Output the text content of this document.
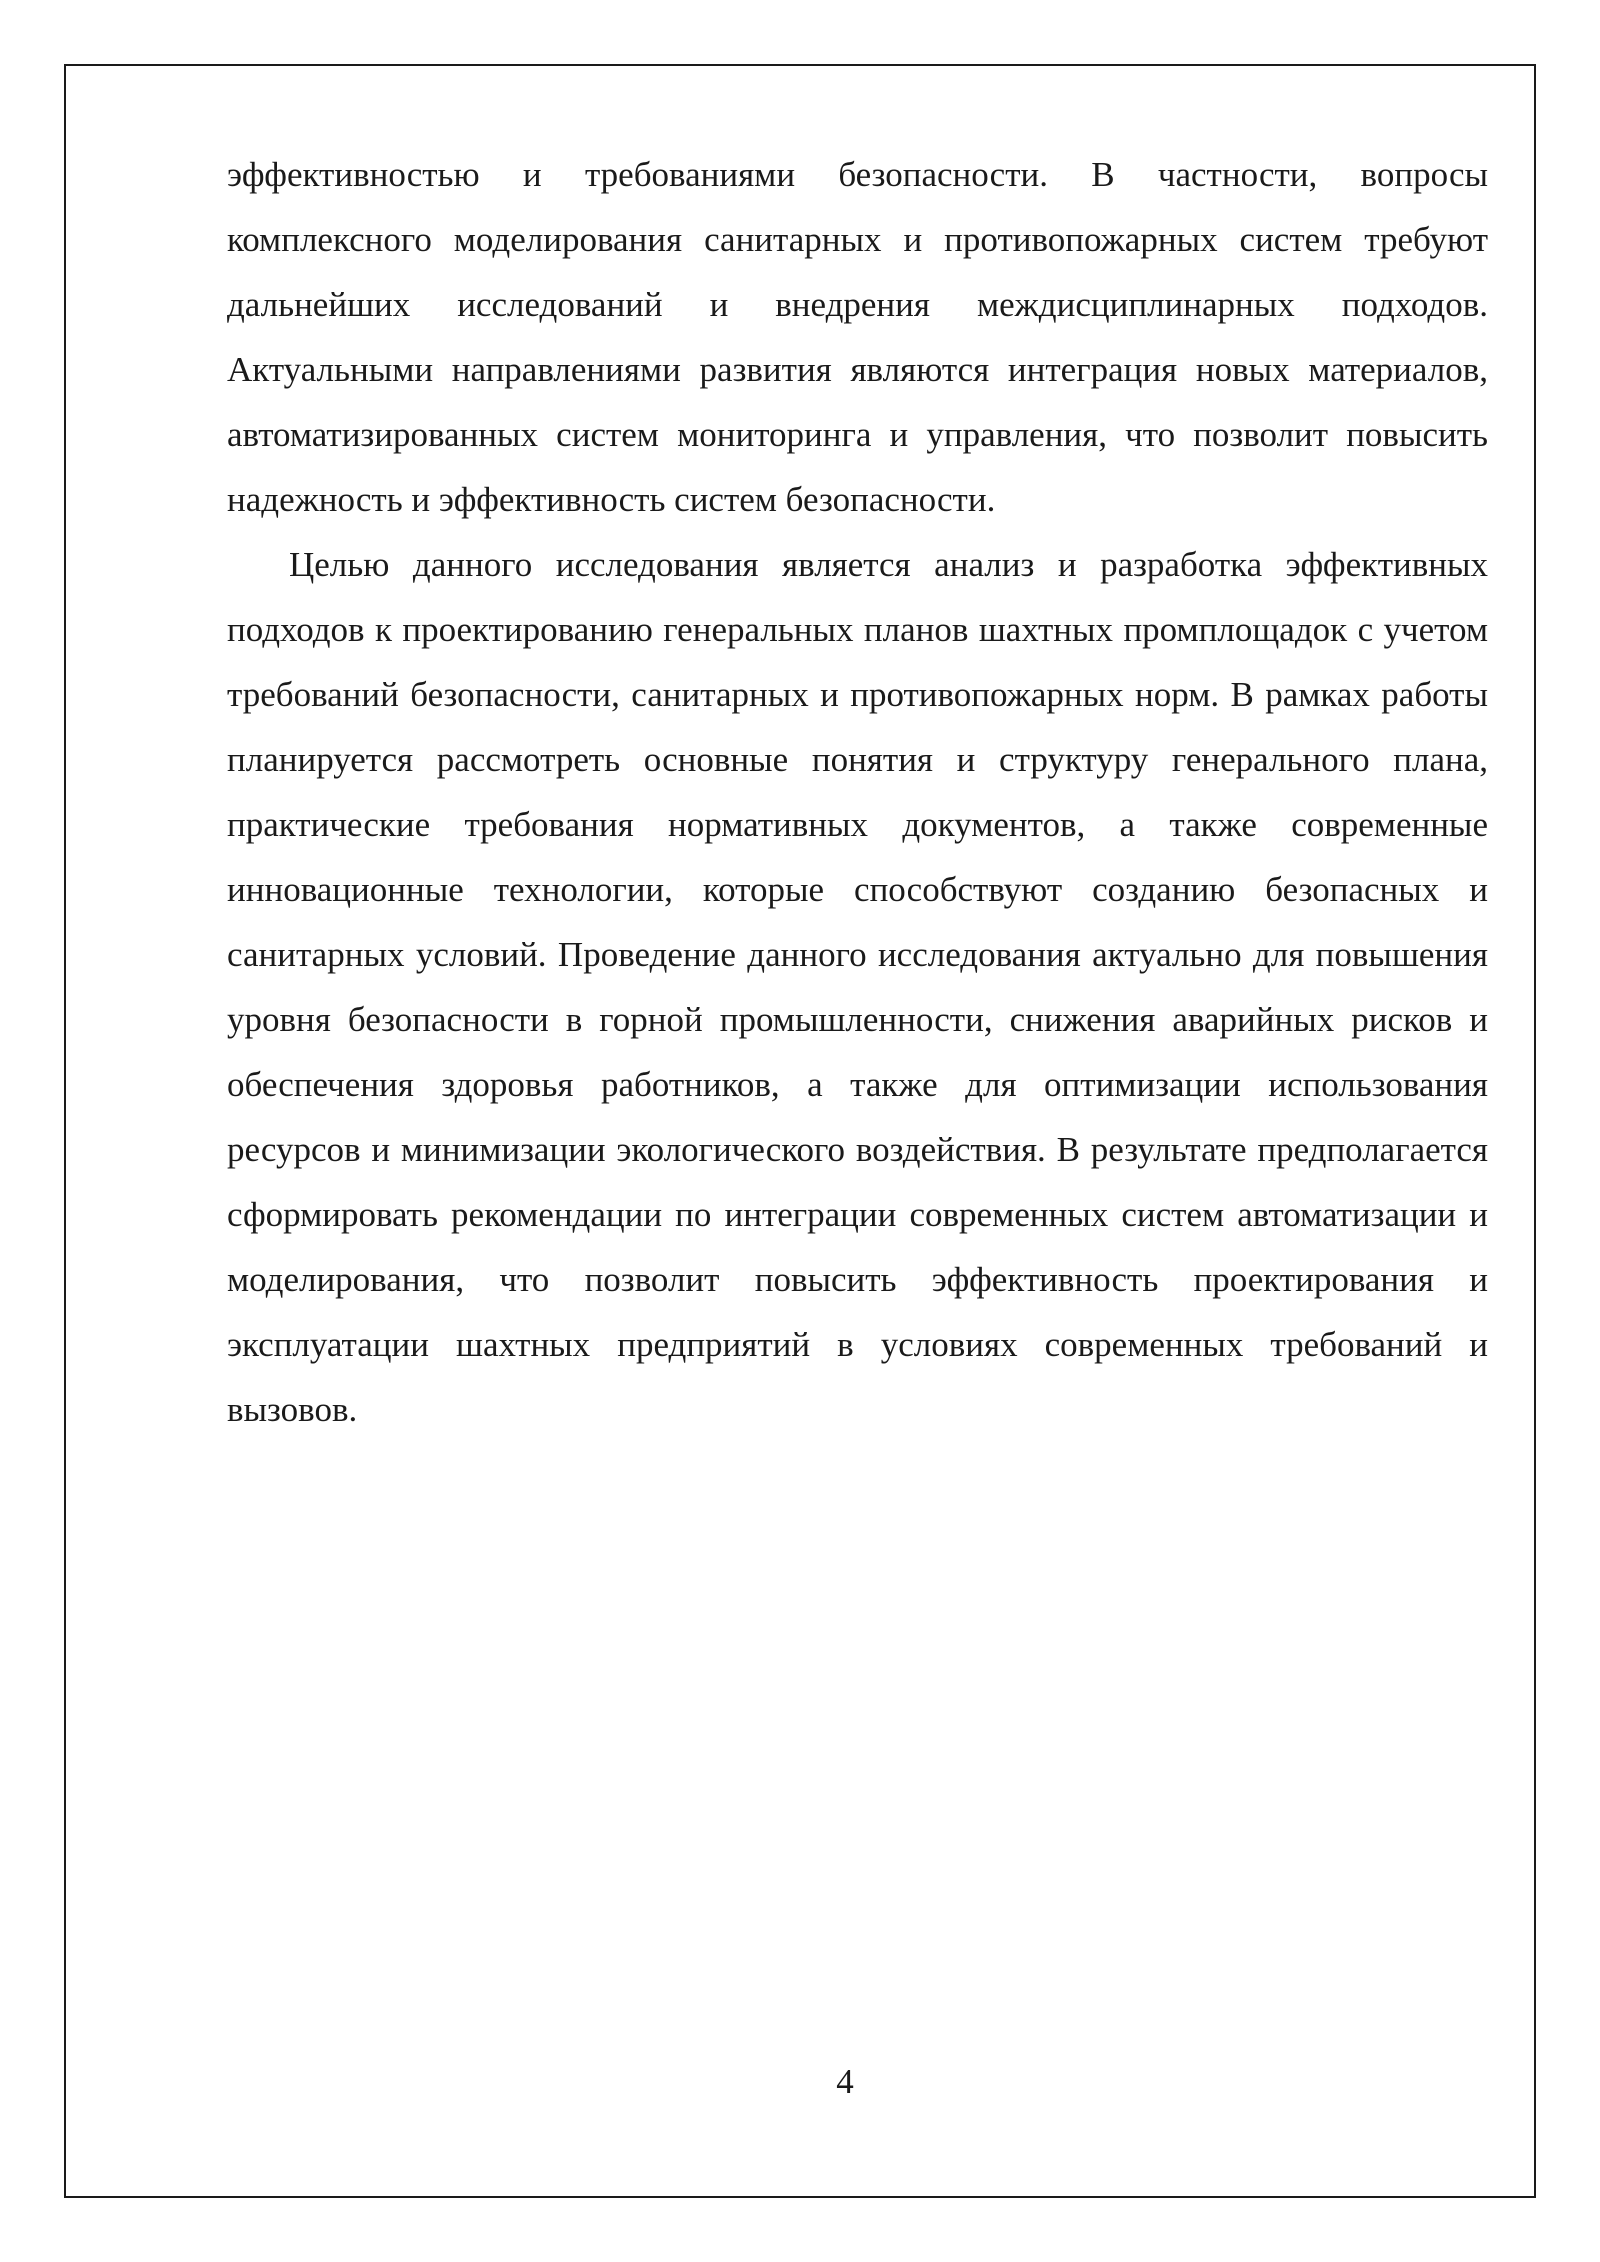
эффективностью и требованиями безопасности. В частности, вопросы комплексного моделирования санитарных и противопожарных систем требуют дальнейших исследований и внедрения междисциплинарных подходов. Актуальными направлениями развития являются интеграция новых материалов, автоматизированных систем мониторинга и управления, что позволит повысить надежность и эффективность систем безопасности.

Целью данного исследования является анализ и разработка эффективных подходов к проектированию генеральных планов шахтных промплощадок с учетом требований безопасности, санитарных и противопожарных норм. В рамках работы планируется рассмотреть основные понятия и структуру генерального плана, практические требования нормативных документов, а также современные инновационные технологии, которые способствуют созданию безопасных и санитарных условий. Проведение данного исследования актуально для повышения уровня безопасности в горной промышленности, снижения аварийных рисков и обеспечения здоровья работников, а также для оптимизации использования ресурсов и минимизации экологического воздействия. В результате предполагается сформировать рекомендации по интеграции современных систем автоматизации и моделирования, что позволит повысить эффективность проектирования и эксплуатации шахтных предприятий в условиях современных требований и вызовов.

4
